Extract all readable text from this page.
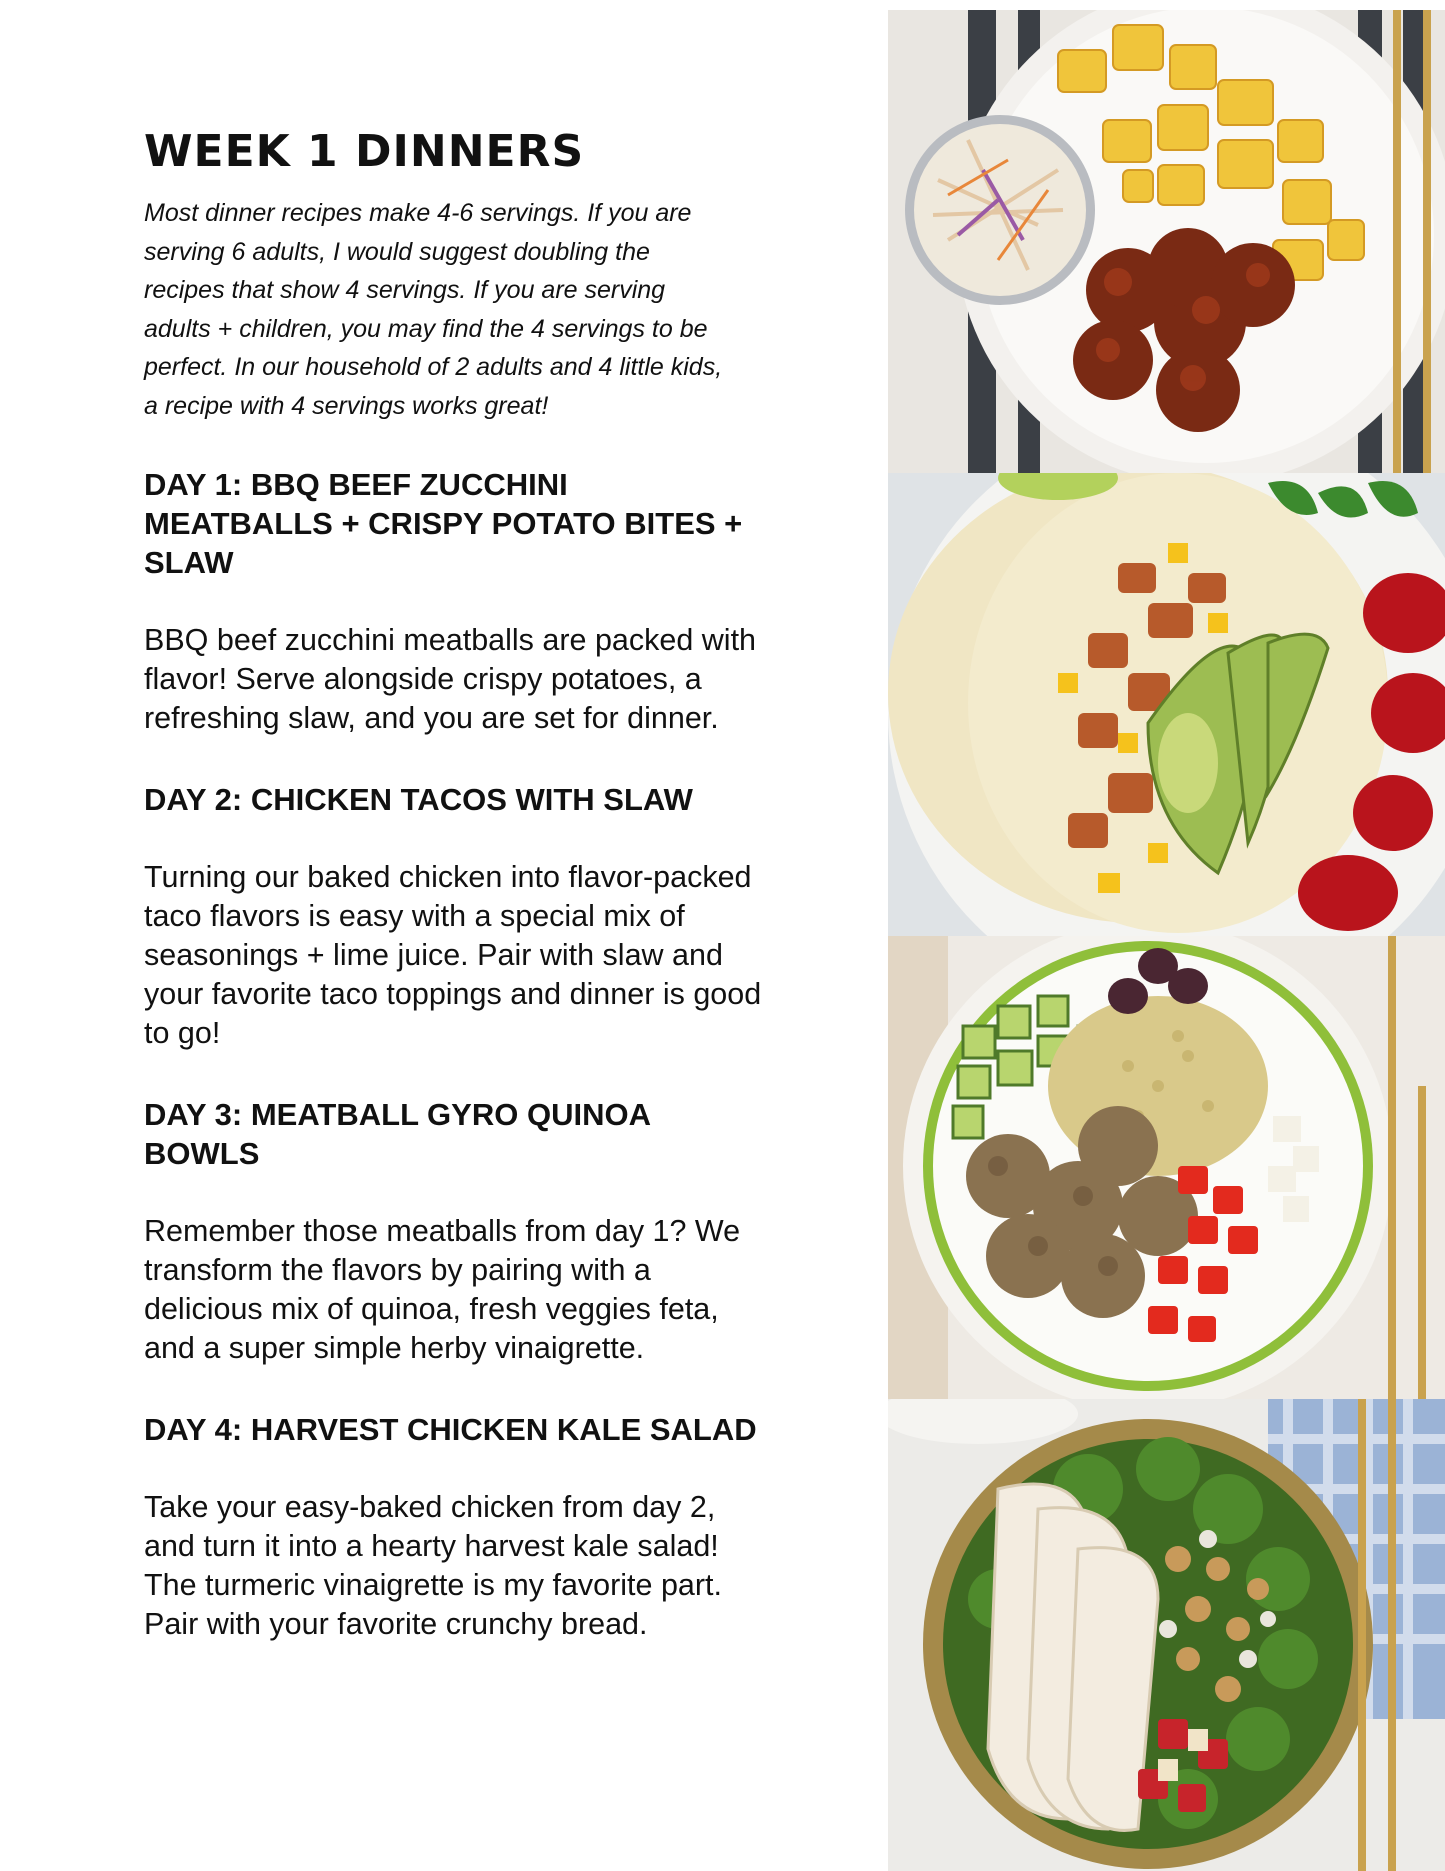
WEEK 1 DINNERS

Most dinner recipes make 4-6 servings. If you are serving 6 adults, I would suggest doubling the recipes that show 4 servings. If you are serving adults + children, you may find the 4 servings to be perfect. In our household of 2 adults and 4 little kids, a recipe with 4 servings works great!

DAY 1: BBQ BEEF ZUCCHINI MEATBALLS + CRISPY POTATO BITES + SLAW

BBQ beef zucchini meatballs are packed with flavor! Serve alongside crispy potatoes, a refreshing slaw, and you are set for dinner.

DAY 2: CHICKEN TACOS WITH SLAW

Turning our baked chicken into flavor-packed taco flavors is easy with a special mix of seasonings + lime juice. Pair with slaw and your favorite taco toppings and dinner is good to go!

DAY 3: MEATBALL GYRO QUINOA BOWLS

Remember those meatballs from day 1? We transform the flavors by pairing with a delicious mix of quinoa, fresh veggies feta, and a super simple herby vinaigrette.

DAY 4: HARVEST CHICKEN KALE SALAD

Take your easy-baked chicken from day 2, and turn it into a hearty harvest kale salad! The turmeric vinaigrette is my favorite part. Pair with your favorite crunchy bread.
